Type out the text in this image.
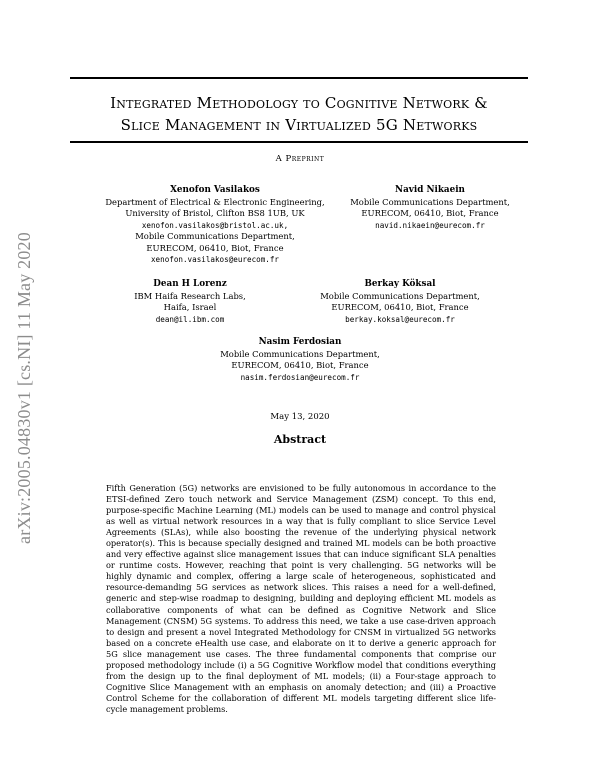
arXiv:2005.04830v1 [cs.NI] 11 May 2020
Integrated Methodology to Cognitive Network &
Slice Management in Virtualized 5G Networks
A Preprint
Xenofon Vasilakos
Department of Electrical & Electronic Engineering,
University of Bristol, Clifton BS8 1UB, UK
xenofon.vasilakos@bristol.ac.uk,
Mobile Communications Department,
EURECOM, 06410, Biot, France
xenofon.vasilakos@eurecom.fr
Navid Nikaein
Mobile Communications Department,
EURECOM, 06410, Biot, France
navid.nikaein@eurecom.fr
Dean H Lorenz
IBM Haifa Research Labs,
Haifa, Israel
dean@il.ibm.com
Berkay Köksal
Mobile Communications Department,
EURECOM, 06410, Biot, France
berkay.koksal@eurecom.fr
Nasim Ferdosian
Mobile Communications Department,
EURECOM, 06410, Biot, France
nasim.ferdosian@eurecom.fr
May 13, 2020
Abstract
Fifth Generation (5G) networks are envisioned to be fully autonomous in accordance to the ETSI-defined Zero touch network and Service Management (ZSM) concept. To this end, purpose-specific Machine Learning (ML) models can be used to manage and control physical as well as virtual network resources in a way that is fully compliant to slice Service Level Agreements (SLAs), while also boosting the revenue of the underlying physical network operator(s). This is because specially designed and trained ML models can be both proactive and very effective against slice management issues that can induce significant SLA penalties or runtime costs. However, reaching that point is very challenging. 5G networks will be highly dynamic and complex, offering a large scale of heterogeneous, sophisticated and resource-demanding 5G services as network slices. This raises a need for a well-defined, generic and step-wise roadmap to designing, building and deploying efficient ML models as collaborative components of what can be defined as Cognitive Network and Slice Management (CNSM) 5G systems. To address this need, we take a use case-driven approach to design and present a novel Integrated Methodology for CNSM in virtualized 5G networks based on a concrete eHealth use case, and elaborate on it to derive a generic approach for 5G slice management use cases. The three fundamental components that comprise our proposed methodology include (i) a 5G Cognitive Workflow model that conditions everything from the design up to the final deployment of ML models; (ii) a Four-stage approach to Cognitive Slice Management with an emphasis on anomaly detection; and (iii) a Proactive Control Scheme for the collaboration of different ML models targeting different slice life-cycle management problems.
